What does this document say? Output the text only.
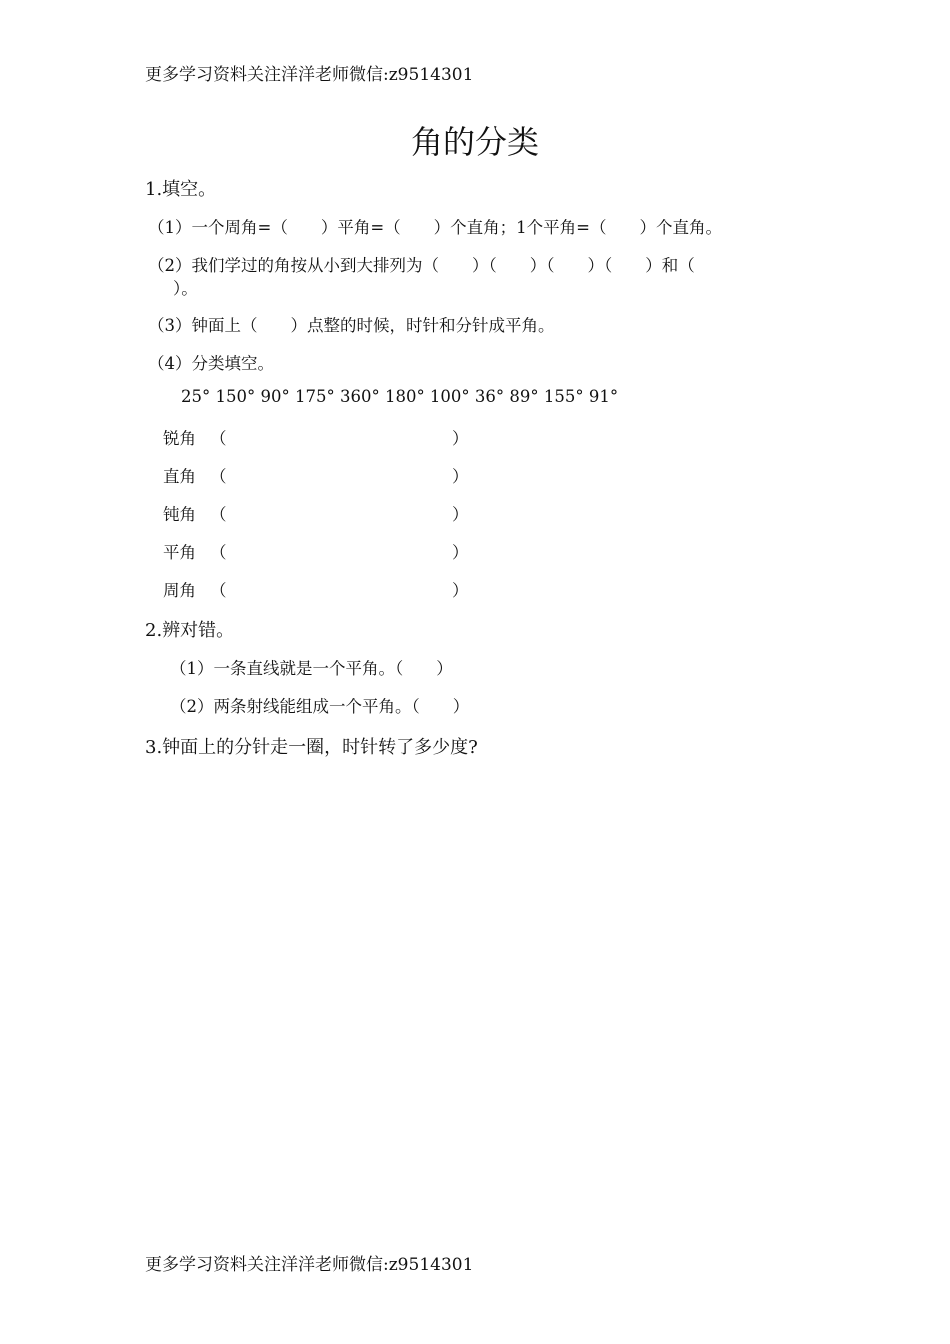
更多学习资料关注洋洋老师微信:z9514301
角的分类
1.填空。
（1）一个周角=（　　）平角=（　　）个直角；1个平角=（　　）个直角。
（2）我们学过的角按从小到大排列为（　　）（　　）（　　）（　　）和（
）。
（3）钟面上（　　）点整的时候，时针和分针成平角。
（4）分类填空。
25° 150° 90° 175° 360° 180° 100° 36° 89° 155° 91°
锐角 （	）
直角 （	）
钝角 （	）
平角 （	）
周角 （	）
2.辨对错。
（1）一条直线就是一个平角。（　　）
（2）两条射线能组成一个平角。（　　）
3.钟面上的分针走一圈，时针转了多少度?
更多学习资料关注洋洋老师微信:z9514301
